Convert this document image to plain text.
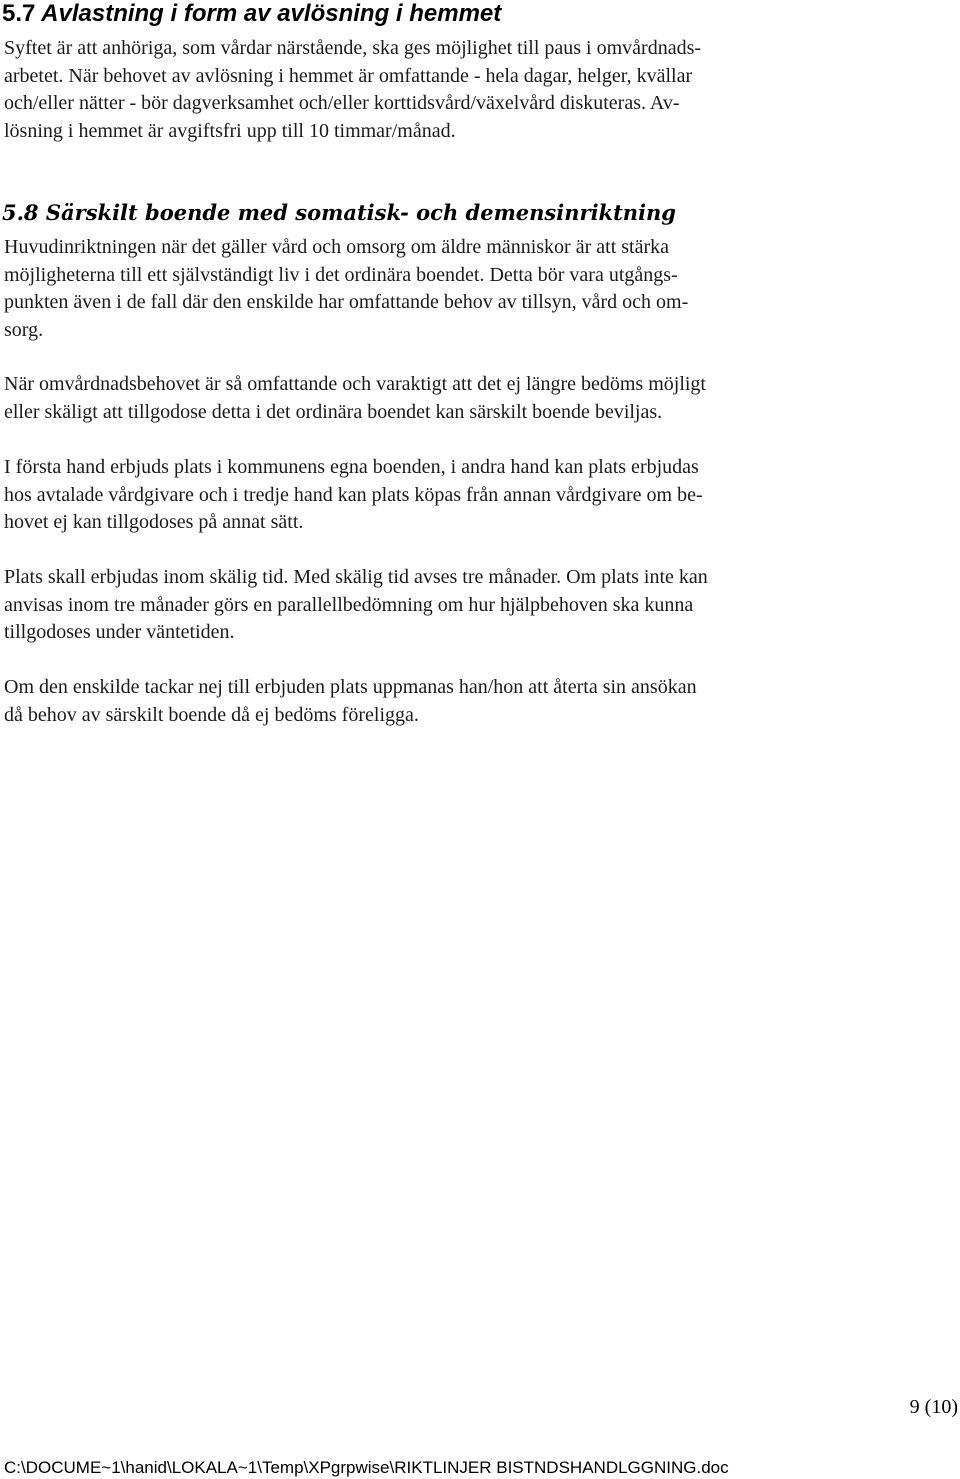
5.7 Avlastning i form av avlösning i hemmet
Syftet är att anhöriga, som vårdar närstående, ska ges möjlighet till paus i omvårdnads-
arbetet. När behovet av avlösning i hemmet är omfattande - hela dagar, helger, kvällar
och/eller nätter - bör dagverksamhet och/eller korttidsvård/växelvård diskuteras. Av-
lösning i hemmet är avgiftsfri upp till 10 timmar/månad.
5.8 Särskilt boende med somatisk- och demensinriktning
Huvudinriktningen när det gäller vård och omsorg om äldre människor är att stärka
möjligheterna till ett självständigt liv i det ordinära boendet. Detta bör vara utgångs-
punkten även i de fall där den enskilde har omfattande behov av tillsyn, vård och om-
sorg.
När omvårdnadsbehovet är så omfattande och varaktigt att det ej längre bedöms möjligt
eller skäligt att tillgodose detta i det ordinära boendet kan särskilt boende beviljas.
I första hand erbjuds plats i kommunens egna boenden, i andra hand kan plats erbjudas
hos avtalade vårdgivare och i tredje hand kan plats köpas från annan vårdgivare om be-
hovet ej kan tillgodoses på annat sätt.
Plats skall erbjudas inom skälig tid. Med skälig tid avses tre månader. Om plats inte kan
anvisas inom tre månader görs en parallellbedömning om hur hjälpbehoven ska kunna
tillgodoses under väntetiden.
Om den enskilde tackar nej till erbjuden plats uppmanas han/hon att återta sin ansökan
då behov av särskilt boende då ej bedöms föreligga.
9 (10)
C:\DOCUME~1\hanid\LOKALA~1\Temp\XPgrpwise\RIKTLINJER BISTNDSHANDLGGNING.doc
